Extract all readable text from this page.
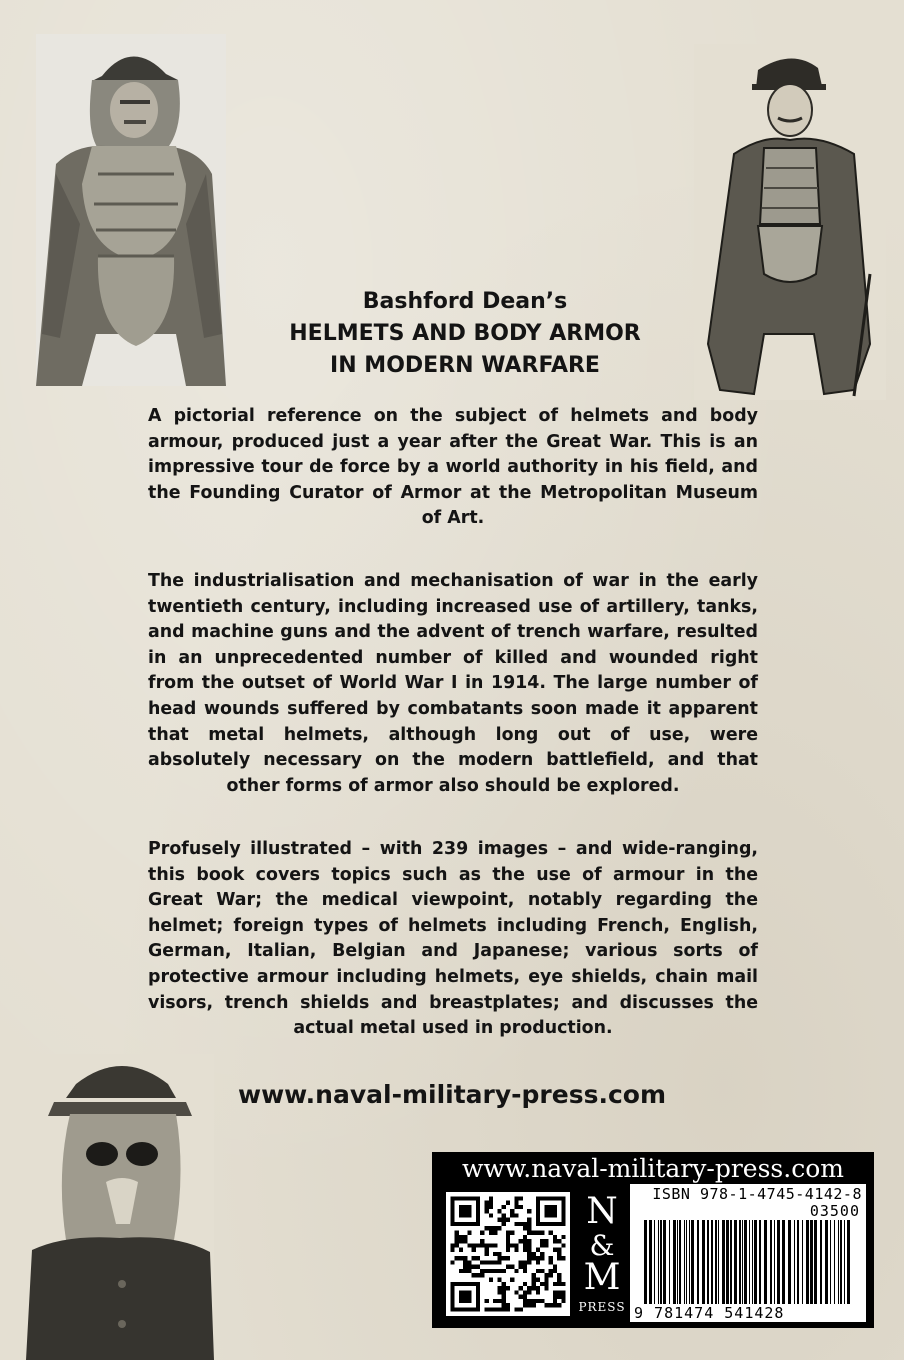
Bashford Dean’s
HELMETS AND BODY ARMOR
IN MODERN WARFARE
A pictorial reference on the subject of helmets and body armour, produced just a year after the Great War. This is an impressive tour de force by a world authority in his field, and the Founding Curator of Armor at the Metropolitan Museum of Art.
The industrialisation and mechanisation of war in the early twentieth century, including increased use of artillery, tanks, and machine guns and the advent of trench warfare, resulted in an unprecedented number of killed and wounded right from the outset of World War I in 1914. The large number of head wounds suffered by combatants soon made it apparent that metal helmets, although long out of use, were absolutely necessary on the modern battlefield, and that other forms of armor also should be explored.
Profusely illustrated – with 239 images – and wide-ranging, this book covers topics such as the use of armour in the Great War; the medical viewpoint, notably regarding the helmet; foreign types of helmets including French, English, German, Italian, Belgian and Japanese; various sorts of protective armour including helmets, eye shields, chain mail visors, trench shields and breastplates; and discusses the actual metal used in production.
www.naval-military-press.com
www.naval-military-press.com
N
&
M
PRESS
ISBN 978-1-4745-4142-8
03500
9 781474 541428
